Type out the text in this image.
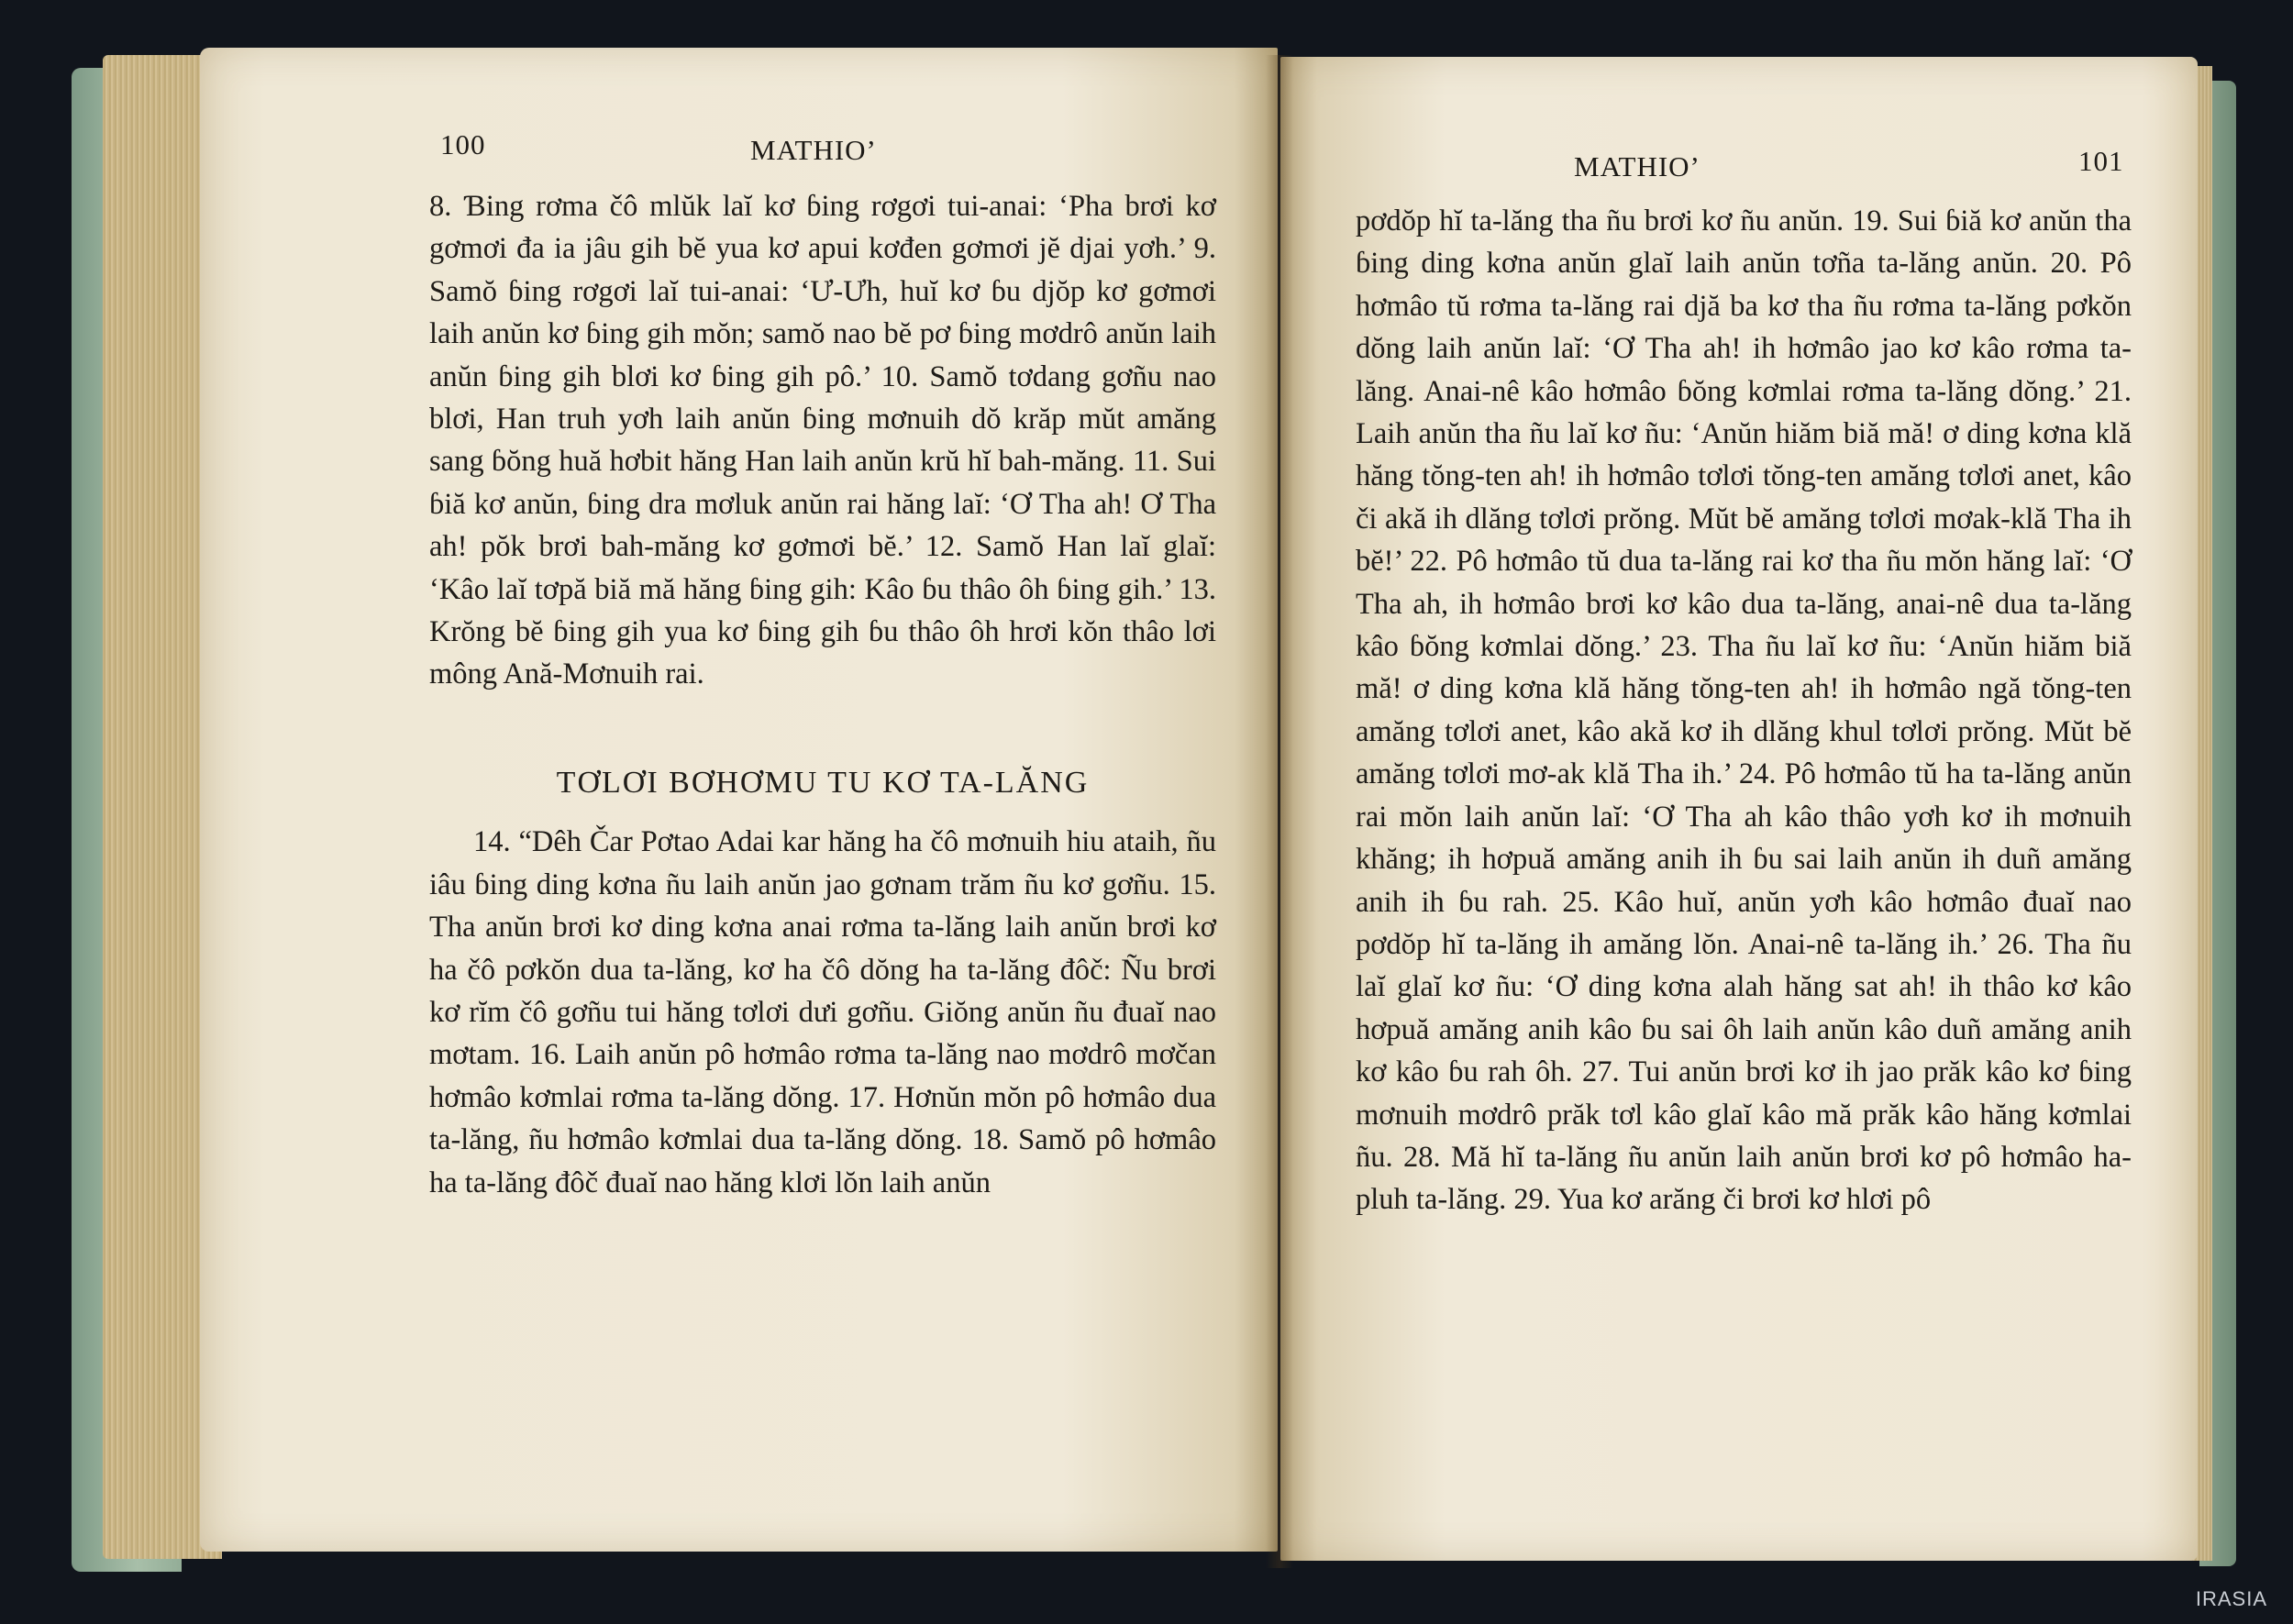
100	MATHIO’

8. Ɓing rơma čô mlŭk laĭ kơ ɓing rơgơi tui-anai: ‘Pha brơi kơ gơmơi đa ia jâu gih bĕ yua kơ apui kơđen gơmơi jĕ djai yơh.’ 9. Samŏ ɓing rơgơi laĭ tui-anai: ‘Ư-Ưh, huĭ kơ ɓu djŏp kơ gơmơi laih anŭn kơ ɓing gih mŏn; samŏ nao bĕ pơ ɓing mơdrô anŭn laih anŭn ɓing gih blơi kơ ɓing gih pô.’ 10. Samŏ tơdang gơñu nao blơi, Han truh yơh laih anŭn ɓing mơnuih dŏ krăp mŭt amăng sang ɓŏng huă hơbit hăng Han laih anŭn krŭ hĭ bah-măng. 11. Sui ɓiă kơ anŭn, ɓing dra mơluk anŭn rai hăng laĭ: ‘Ơ Tha ah! Ơ Tha ah! pŏk brơi bah-măng kơ gơmơi bĕ.’ 12. Samŏ Han laĭ glaĭ: ‘Kâo laĭ tơpă biă mă hăng ɓing gih: Kâo ɓu thâo ôh ɓing gih.’ 13. Krŏng bĕ ɓing gih yua kơ ɓing gih ɓu thâo ôh hrơi kŏn thâo lơi mông Ană-Mơnuih rai.

TƠLƠI BƠHƠMU TU KƠ TA-LĂNG

14. “Dêh Čar Pơtao Adai kar hăng ha čô mơnuih hiu ataih, ñu iâu ɓing ding kơna ñu laih anŭn jao gơnam trăm ñu kơ gơñu. 15. Tha anŭn brơi kơ ding kơna anai rơma ta-lăng laih anŭn brơi kơ ha čô pơkŏn dua ta-lăng, kơ ha čô dŏng ha ta-lăng đôč: Ñu brơi kơ rĭm čô gơñu tui hăng tơlơi dưi gơñu. Giŏng anŭn ñu đuaĭ nao mơtam. 16. Laih anŭn pô hơmâo rơma ta-lăng nao mơdrô mơčan hơmâo kơmlai rơma ta-lăng dŏng. 17. Hơnŭn mŏn pô hơmâo dua ta-lăng, ñu hơmâo kơmlai dua ta-lăng dŏng. 18. Samŏ pô hơmâo ha ta-lăng đôč đuaĭ nao hăng klơi lŏn laih anŭn

MATHIO’	101

pơdŏp hĭ ta-lăng tha ñu brơi kơ ñu anŭn. 19. Sui ɓiă kơ anŭn tha ɓing ding kơna anŭn glaĭ laih anŭn tơña ta-lăng anŭn. 20. Pô hơmâo tŭ rơma ta-lăng rai djă ba kơ tha ñu rơma ta-lăng pơkŏn dŏng laih anŭn laĭ: ‘Ơ Tha ah! ih hơmâo jao kơ kâo rơma ta-lăng. Anai-nê kâo hơmâo ɓŏng kơmlai rơma ta-lăng dŏng.’ 21. Laih anŭn tha ñu laĭ kơ ñu: ‘Anŭn hiăm biă mă! ơ ding kơna klă hăng tŏng-ten ah! ih hơmâo tơlơi tŏng-ten amăng tơlơi anet, kâo či akă ih dlăng tơlơi prŏng. Mŭt bĕ amăng tơlơi mơak-klă Tha ih bĕ!’ 22. Pô hơmâo tŭ dua ta-lăng rai kơ tha ñu mŏn hăng laĭ: ‘Ơ Tha ah, ih hơmâo brơi kơ kâo dua ta-lăng, anai-nê dua ta-lăng kâo ɓŏng kơmlai dŏng.’ 23. Tha ñu laĭ kơ ñu: ‘Anŭn hiăm biă mă! ơ ding kơna klă hăng tŏng-ten ah! ih hơmâo ngă tŏng-ten amăng tơlơi anet, kâo akă kơ ih dlăng khul tơlơi prŏng. Mŭt bĕ amăng tơlơi mơ-ak klă Tha ih.’ 24. Pô hơmâo tŭ ha ta-lăng anŭn rai mŏn laih anŭn laĭ: ‘Ơ Tha ah kâo thâo yơh kơ ih mơnuih khăng; ih hơpuă amăng anih ih ɓu sai laih anŭn ih duñ amăng anih ih ɓu rah. 25. Kâo huĭ, anŭn yơh kâo hơmâo đuaĭ nao pơdŏp hĭ ta-lăng ih amăng lŏn. Anai-nê ta-lăng ih.’ 26. Tha ñu laĭ glaĭ kơ ñu: ‘Ơ ding kơna alah hăng sat ah! ih thâo kơ kâo hơpuă amăng anih kâo ɓu sai ôh laih anŭn kâo duñ amăng anih kơ kâo ɓu rah ôh. 27. Tui anŭn brơi kơ ih jao prăk kâo kơ ɓing mơnuih mơdrô prăk tơl kâo glaĭ kâo mă prăk kâo hăng kơmlai ñu. 28. Mă hĭ ta-lăng ñu anŭn laih anŭn brơi kơ pô hơmâo ha-pluh ta-lăng. 29. Yua kơ arăng či brơi kơ hlơi pô

IRASIA
